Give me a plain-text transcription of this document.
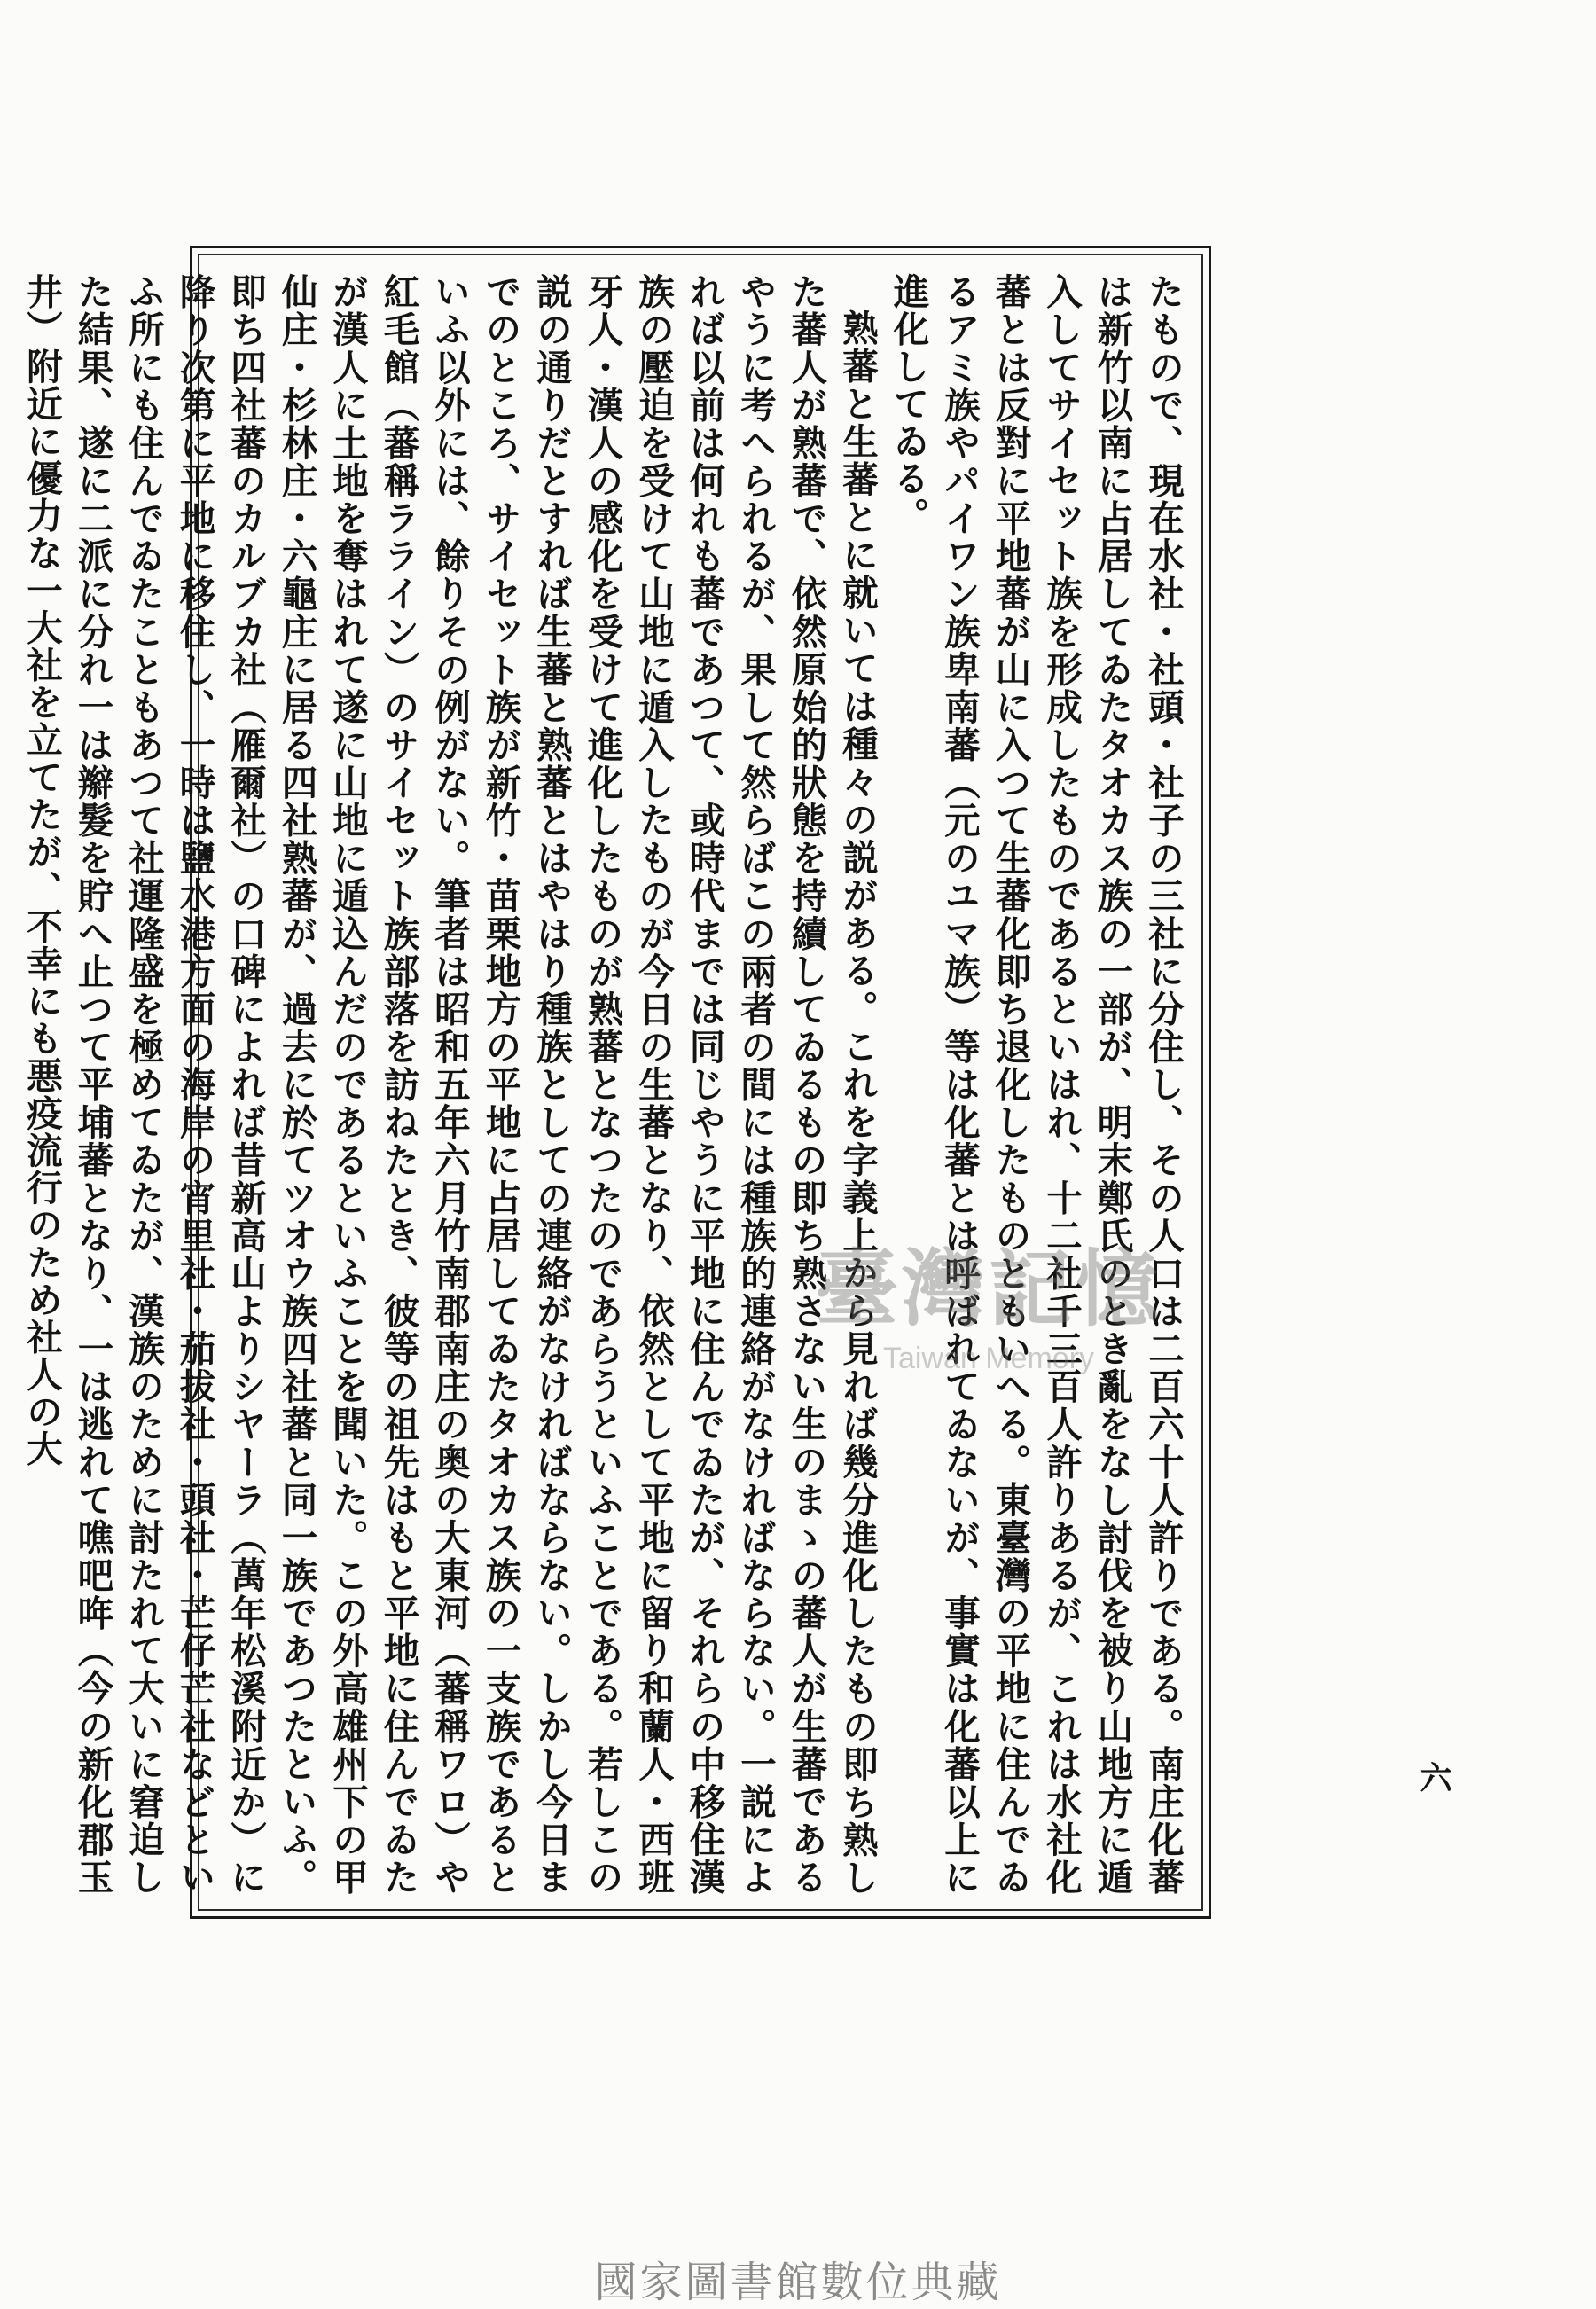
たもので、現在水社・社頭・社子の三社に分住し、その人口は二百六十人許りである。南庄化蕃は新竹以南に占居してゐたタオカス族の一部が、明末鄭氏のとき亂をなし討伐を被り山地方に遁入してサイセット族を形成したものであるといはれ、十二社千三百人許りあるが、これは水社化蕃とは反對に平地蕃が山に入つて生蕃化即ち退化したものともいへる。東臺灣の平地に住んでゐるアミ族やパイワン族卑南蕃（元のユマ族）等は化蕃とは呼ばれてゐないが、事實は化蕃以上に進化してゐる。

熟蕃と生蕃とに就いては種々の説がある。これを字義上から見れば幾分進化したもの即ち熟した蕃人が熟蕃で、依然原始的狀態を持續してゐるもの即ち熟さない生のまゝの蕃人が生蕃であるやうに考へられるが、果して然らばこの兩者の間には種族的連絡がなければならない。一説によれば以前は何れも蕃であつて、或時代までは同じやうに平地に住んでゐたが、それらの中移住漢族の壓迫を受けて山地に遁入したものが今日の生蕃となり、依然として平地に留り和蘭人・西班牙人・漢人の感化を受けて進化したものが熟蕃となつたのであらうといふことである。若しこの説の通りだとすれば生蕃と熟蕃とはやはり種族としての連絡がなければならない。しかし今日までのところ、サイセット族が新竹・苗栗地方の平地に占居してゐたタオカス族の一支族であるといふ以外には、餘りその例がない。筆者は昭和五年六月竹南郡南庄の奥の大東河（蕃稱ワロ）や紅毛館（蕃稱ラライン）のサイセット族部落を訪ねたとき、彼等の祖先はもと平地に住んでゐたが漢人に土地を奪はれて遂に山地に遁込んだのであるといふことを聞いた。この外高雄州下の甲仙庄・杉林庄・六龜庄に居る四社熟蕃が、過去に於てツオウ族四社蕃と同一族であつたといふ。即ち四社蕃のカルブカ社（雁爾社）の口碑によれば昔新高山よりシヤーラ（萬年松溪附近か）に降り次第に平地に移住し、一時は鹽水港方面の海岸の宵里社・茄拔社・頭社・芒仔芒社などといふ所にも住んでゐたこともあつて社運隆盛を極めてゐたが、漢族のために討たれて大いに窘迫した結果、遂に二派に分れ一は辮髮を貯へ止つて平埔蕃となり、一は逃れて噍吧哖（今の新化郡玉井）附近に優力な一大社を立てたが、不幸にも悪疫流行のため社人の大

六
臺灣記憶
Taiwan Memory
國家圖書館數位典藏
